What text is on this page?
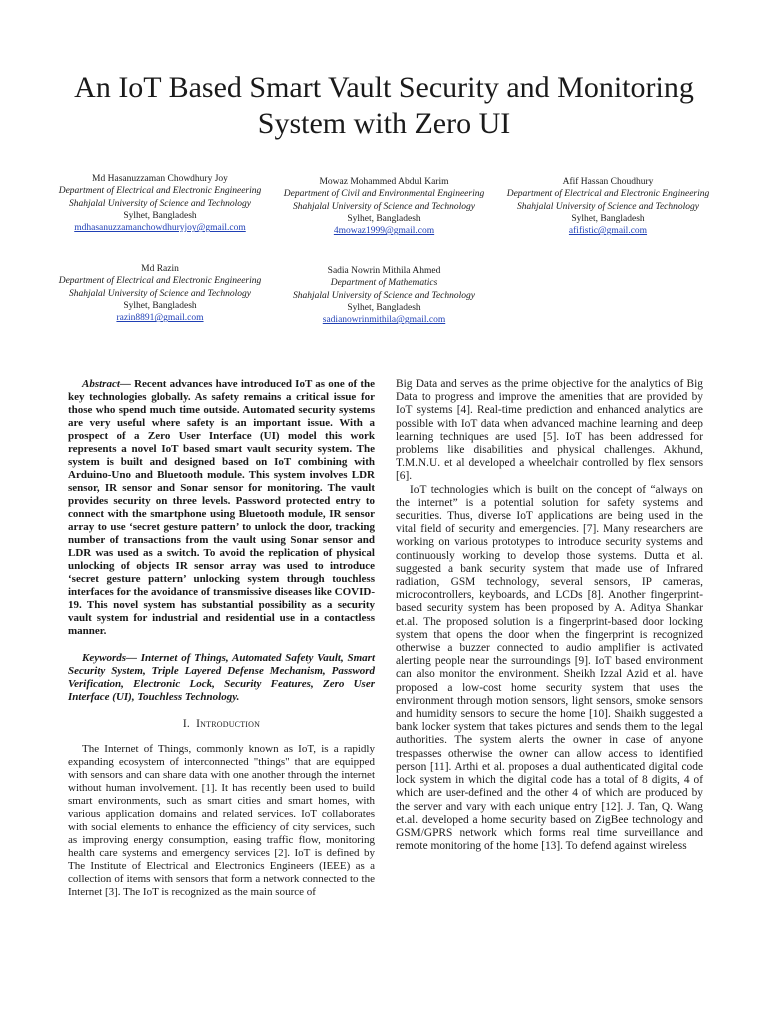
An IoT Based Smart Vault Security and Monitoring
System with Zero UI
Md Hasanuzzaman Chowdhury Joy
Department of Electrical and Electronic Engineering
Shahjalal University of Science and Technology
Sylhet, Bangladesh
mdhasanuzzamanchowdhuryjoy@gmail.com
Mowaz Mohammed Abdul Karim
Department of Civil and Environmental Engineering
Shahjalal University of Science and Technology
Sylhet, Bangladesh
4mowaz1999@gmail.com
Afif Hassan Choudhury
Department of Electrical and Electronic Engineering
Shahjalal University of Science and Technology
Sylhet, Bangladesh
afifistic@gmail.com
Md Razin
Department of Electrical and Electronic Engineering
Shahjalal University of Science and Technology
Sylhet, Bangladesh
razin8891@gmail.com
Sadia Nowrin Mithila Ahmed
Department of Mathematics
Shahjalal University of Science and Technology
Sylhet, Bangladesh
sadianowrinmithila@gmail.com

Abstract— Recent advances have introduced IoT as one of the key technologies globally. As safety remains a critical issue for those who spend much time outside. Automated security systems are very useful where safety is an important issue. With a prospect of a Zero User Interface (UI) model this work represents a novel IoT based smart vault security system. The system is built and designed based on IoT combining with Arduino-Uno and Bluetooth module. This system involves LDR sensor, IR sensor and Sonar sensor for monitoring. The vault provides security on three levels. Password protected entry to connect with the smartphone using Bluetooth module, IR sensor array to use ‘secret gesture pattern’ to unlock the door, tracking number of transactions from the vault using Sonar sensor and LDR was used as a switch. To avoid the replication of physical unlocking of objects IR sensor array was used to introduce ‘secret gesture pattern’ unlocking system through touchless interfaces for the avoidance of transmissive diseases like COVID-19. This novel system has substantial possibility as a security vault system for industrial and residential use in a contactless manner.

Keywords— Internet of Things, Automated Safety Vault, Smart Security System, Triple Layered Defense Mechanism, Password Verification, Electronic Lock, Security Features, Zero User Interface (UI), Touchless Technology.

I. Introduction

The Internet of Things, commonly known as IoT, is a rapidly expanding ecosystem of interconnected "things" that are equipped with sensors and can share data with one another through the internet without human involvement. [1]. It has recently been used to build smart environments, such as smart cities and smart homes, with various application domains and related services. IoT collaborates with social elements to enhance the efficiency of city services, such as improving energy consumption, easing traffic flow, monitoring health care systems and emergency services [2]. IoT is defined by The Institute of Electrical and Electronics Engineers (IEEE) as a collection of items with sensors that form a network connected to the Internet [3]. The IoT is recognized as the main source of

Big Data and serves as the prime objective for the analytics of Big Data to progress and improve the amenities that are provided by IoT systems [4]. Real-time prediction and enhanced analytics are possible with IoT data when advanced machine learning and deep learning techniques are used [5]. IoT has been addressed for problems like disabilities and physical challenges. Akhund, T.M.N.U. et al developed a wheelchair controlled by flex sensors [6].

IoT technologies which is built on the concept of “always on the internet” is a potential solution for safety systems and securities. Thus, diverse IoT applications are being used in the vital field of security and emergencies. [7]. Many researchers are working on various prototypes to introduce security systems and continuously working to develop those systems. Dutta et al. suggested a bank security system that made use of Infrared radiation, GSM technology, several sensors, IP cameras, microcontrollers, keyboards, and LCDs [8]. Another fingerprint-based security system has been proposed by A. Aditya Shankar et.al. The proposed solution is a fingerprint-based door locking system that opens the door when the fingerprint is recognized otherwise a buzzer connected to audio amplifier is activated alerting people near the surroundings [9]. IoT based environment can also monitor the environment. Sheikh Izzal Azid et al. have proposed a low-cost home security system that uses the environment through motion sensors, light sensors, smoke sensors and humidity sensors to secure the home [10]. Shaikh suggested a bank locker system that takes pictures and sends them to the legal authorities. The system alerts the owner in case of anyone trespasses otherwise the owner can allow access to identified person [11]. Arthi et al. proposes a dual authenticated digital code lock system in which the digital code has a total of 8 digits, 4 of which are user-defined and the other 4 of which are produced by the server and vary with each unique entry [12]. J. Tan, Q. Wang et.al. developed a home security based on ZigBee technology and GSM/GPRS network which forms real time surveillance and remote monitoring of the home [13]. To defend against wireless
